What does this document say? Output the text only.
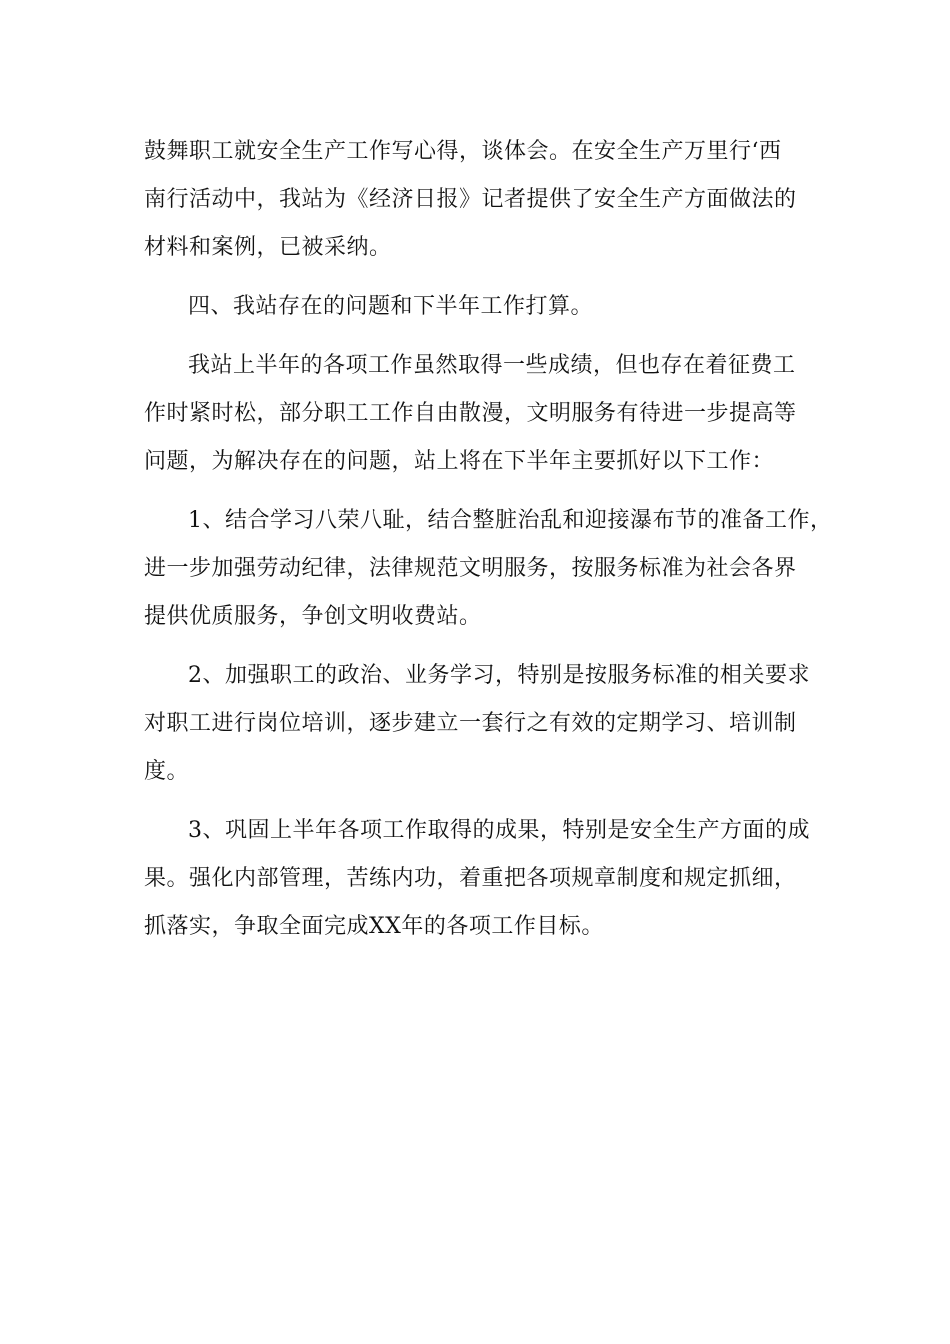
鼓舞职工就安全生产工作写心得，谈体会。在安全生产万里行‘西
南行活动中，我站为《经济日报》记者提供了安全生产方面做法的
材料和案例，已被采纳。
四、我站存在的问题和下半年工作打算。
我站上半年的各项工作虽然取得一些成绩，但也存在着征费工
作时紧时松，部分职工工作自由散漫，文明服务有待进一步提高等
问题，为解决存在的问题，站上将在下半年主要抓好以下工作：
1、结合学习八荣八耻，结合整脏治乱和迎接瀑布节的准备工作，
进一步加强劳动纪律，法律规范文明服务，按服务标准为社会各界
提供优质服务，争创文明收费站。
2、加强职工的政治、业务学习，特别是按服务标准的相关要求
对职工进行岗位培训，逐步建立一套行之有效的定期学习、培训制
度。
3、巩固上半年各项工作取得的成果，特别是安全生产方面的成
果。强化内部管理，苦练内功，着重把各项规章制度和规定抓细，
抓落实，争取全面完成XX年的各项工作目标。
